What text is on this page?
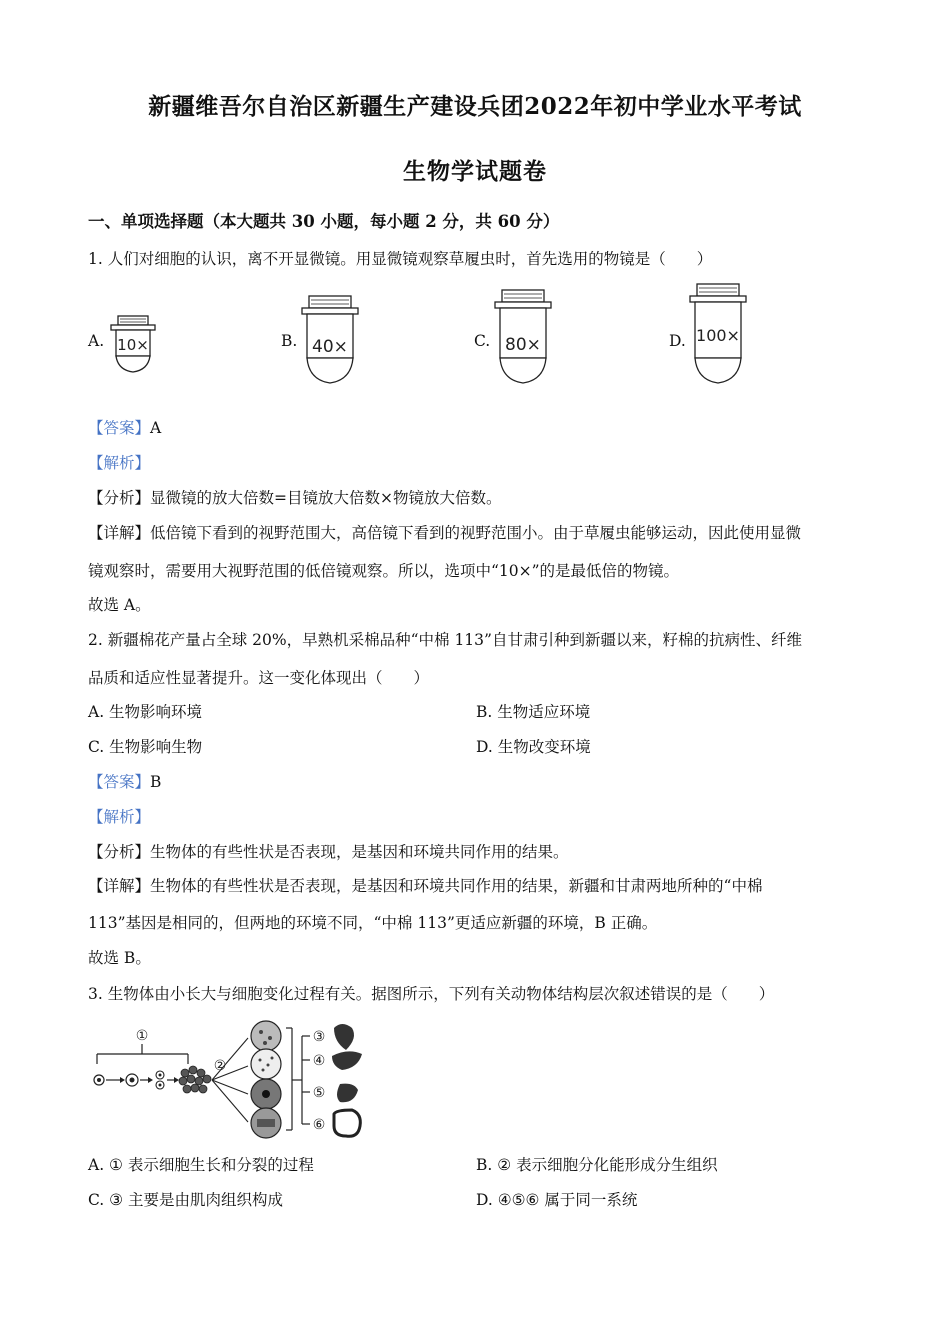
新疆维吾尔自治区新疆生产建设兵团2022年初中学业水平考试
生物学试题卷
一、单项选择题（本大题共 30 小题，每小题 2 分，共 60 分）
1. 人们对细胞的认识，离不开显微镜。用显微镜观察草履虫时，首先选用的物镜是（　　）
A. 10×	B. 40×	C. 80×	D. 100×
【答案】A
【解析】
【分析】显微镜的放大倍数=目镜放大倍数×物镜放大倍数。
【详解】低倍镜下看到的视野范围大，高倍镜下看到的视野范围小。由于草履虫能够运动，因此使用显微
镜观察时，需要用大视野范围的低倍镜观察。所以，选项中“10×”的是最低倍的物镜。
故选 A。
2. 新疆棉花产量占全球 20%，早熟机采棉品种“中棉 113”自甘肃引种到新疆以来，籽棉的抗病性、纤维
品质和适应性显著提升。这一变化体现出（　　）
A. 生物影响环境	B. 生物适应环境
C. 生物影响生物	D. 生物改变环境
【答案】B
【解析】
【分析】生物体的有些性状是否表现，是基因和环境共同作用的结果。
【详解】生物体的有些性状是否表现，是基因和环境共同作用的结果，新疆和甘肃两地所种的“中棉
113”基因是相同的，但两地的环境不同，“中棉 113”更适应新疆的环境，B 正确。
故选 B。
3. 生物体由小长大与细胞变化过程有关。据图所示，下列有关动物体结构层次叙述错误的是（　　）
①
②
③
④
⑤
⑥
A. ① 表示细胞生长和分裂的过程	B. ② 表示细胞分化能形成分生组织
C. ③ 主要是由肌肉组织构成	D. ④⑤⑥ 属于同一系统
